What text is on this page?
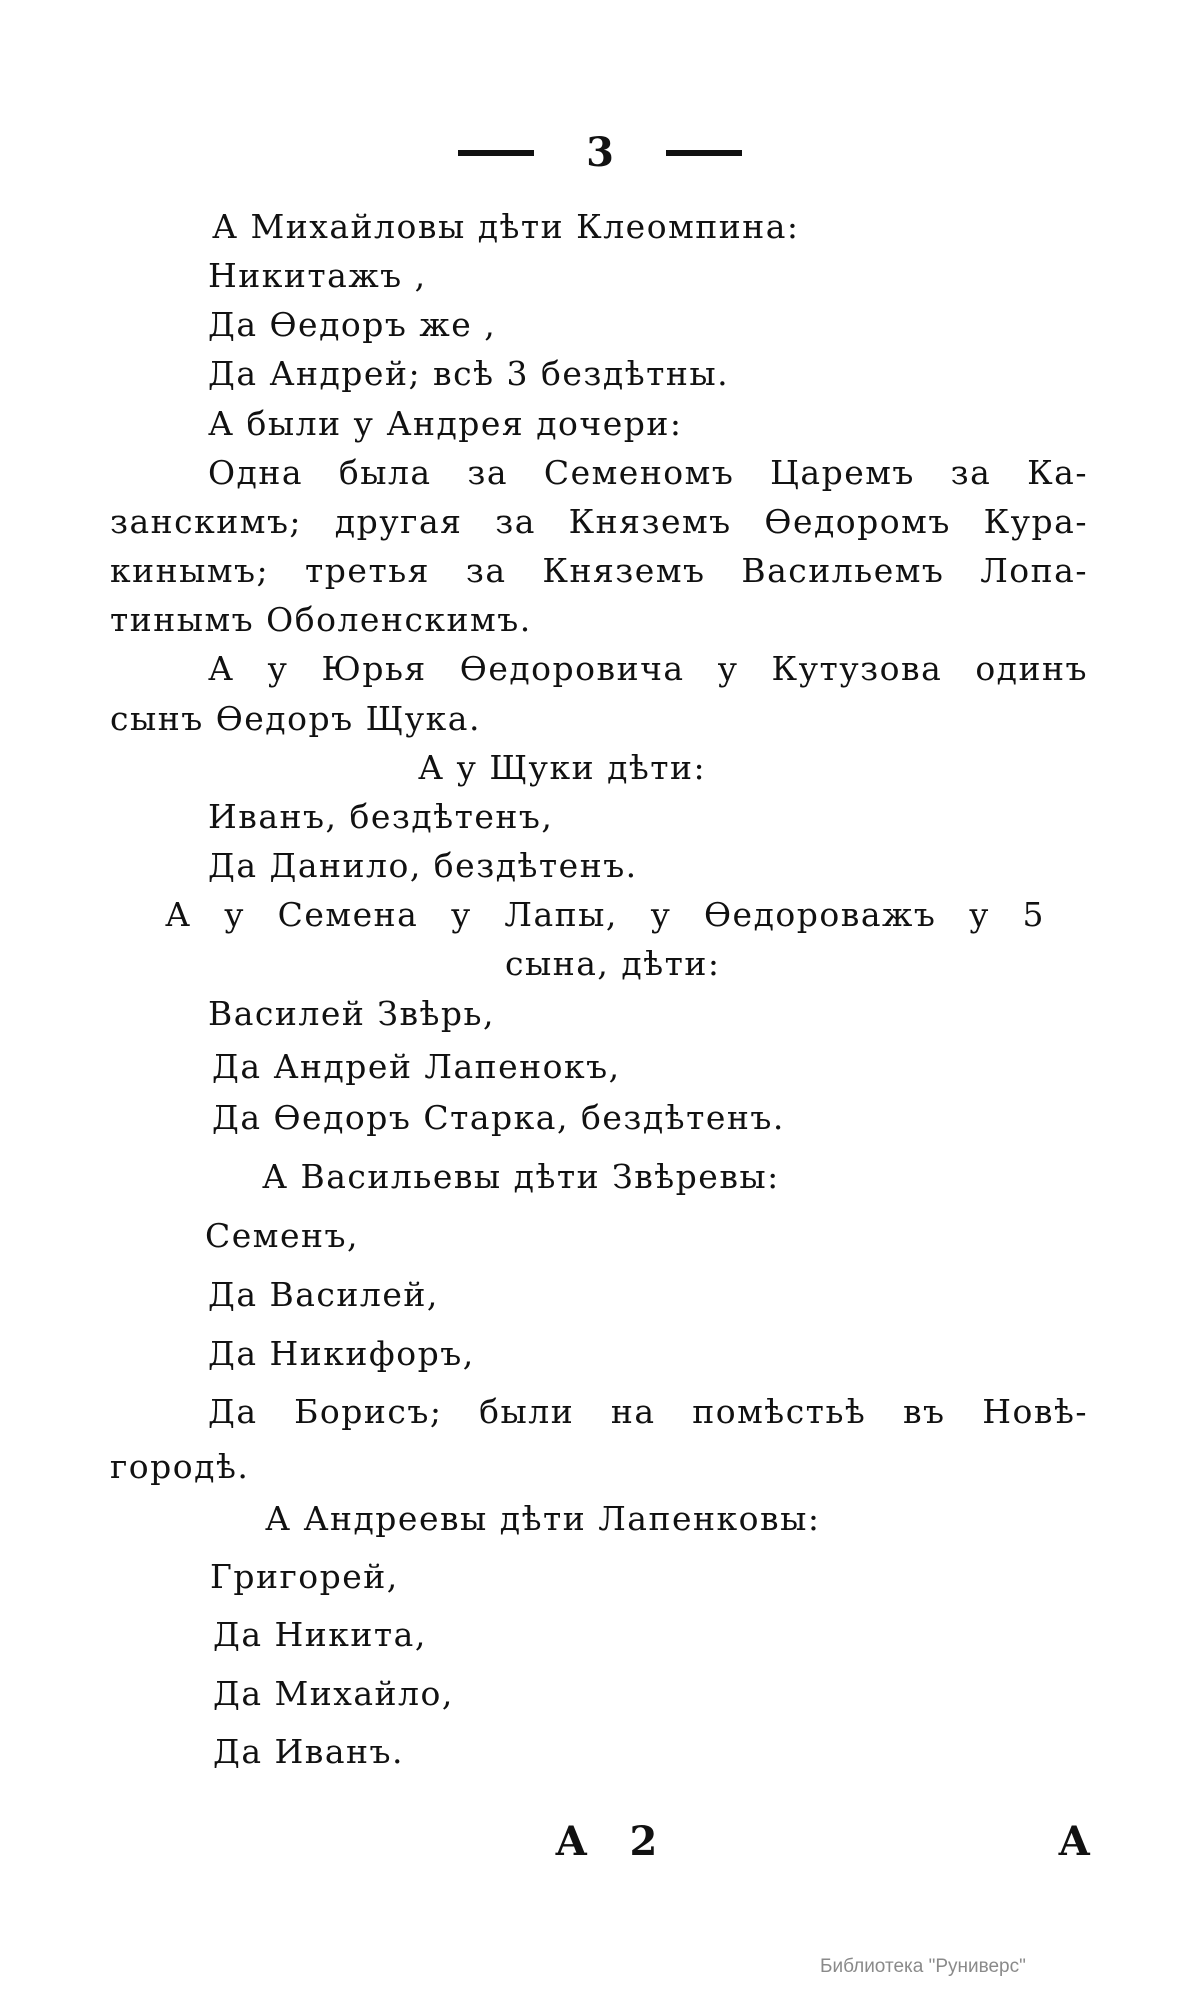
3
А Михайловы дѣти Клеомпина:
Никитажъ ,
Да Өедоръ же ,
Да Андрей; всѣ 3 бездѣтны.
А были у Андрея дочери:
Одна была за Семеномъ Царемъ за Ка-
занскимъ; другая за Княземъ Өедоромъ Кура-
кинымъ; третья за Княземъ Васильемъ Лопа-
тинымъ Оболенскимъ.
А у Юрья Өедоровича у Кутузова одинъ
сынъ Өедоръ Щука.
А у Щуки дѣти:
Иванъ, бездѣтенъ,
Да Данило, бездѣтенъ.
А у Семена у Лапы, у Өедороважъ у 5
сына, дѣти:
Василей Звѣрь,
Да Андрей Лапенокъ,
Да Өедоръ Старка, бездѣтенъ.
А Васильевы дѣти Звѣревы:
Семенъ,
Да Василей,
Да Никифоръ,
Да Борисъ; были на помѣстьѣ въ Новѣ-
городѣ.
А Андреевы дѣти Лапенковы:
Григорей,
Да Никита,
Да Михайло,
Да Иванъ.
А 2	А
Библиотека "Руниверс"
